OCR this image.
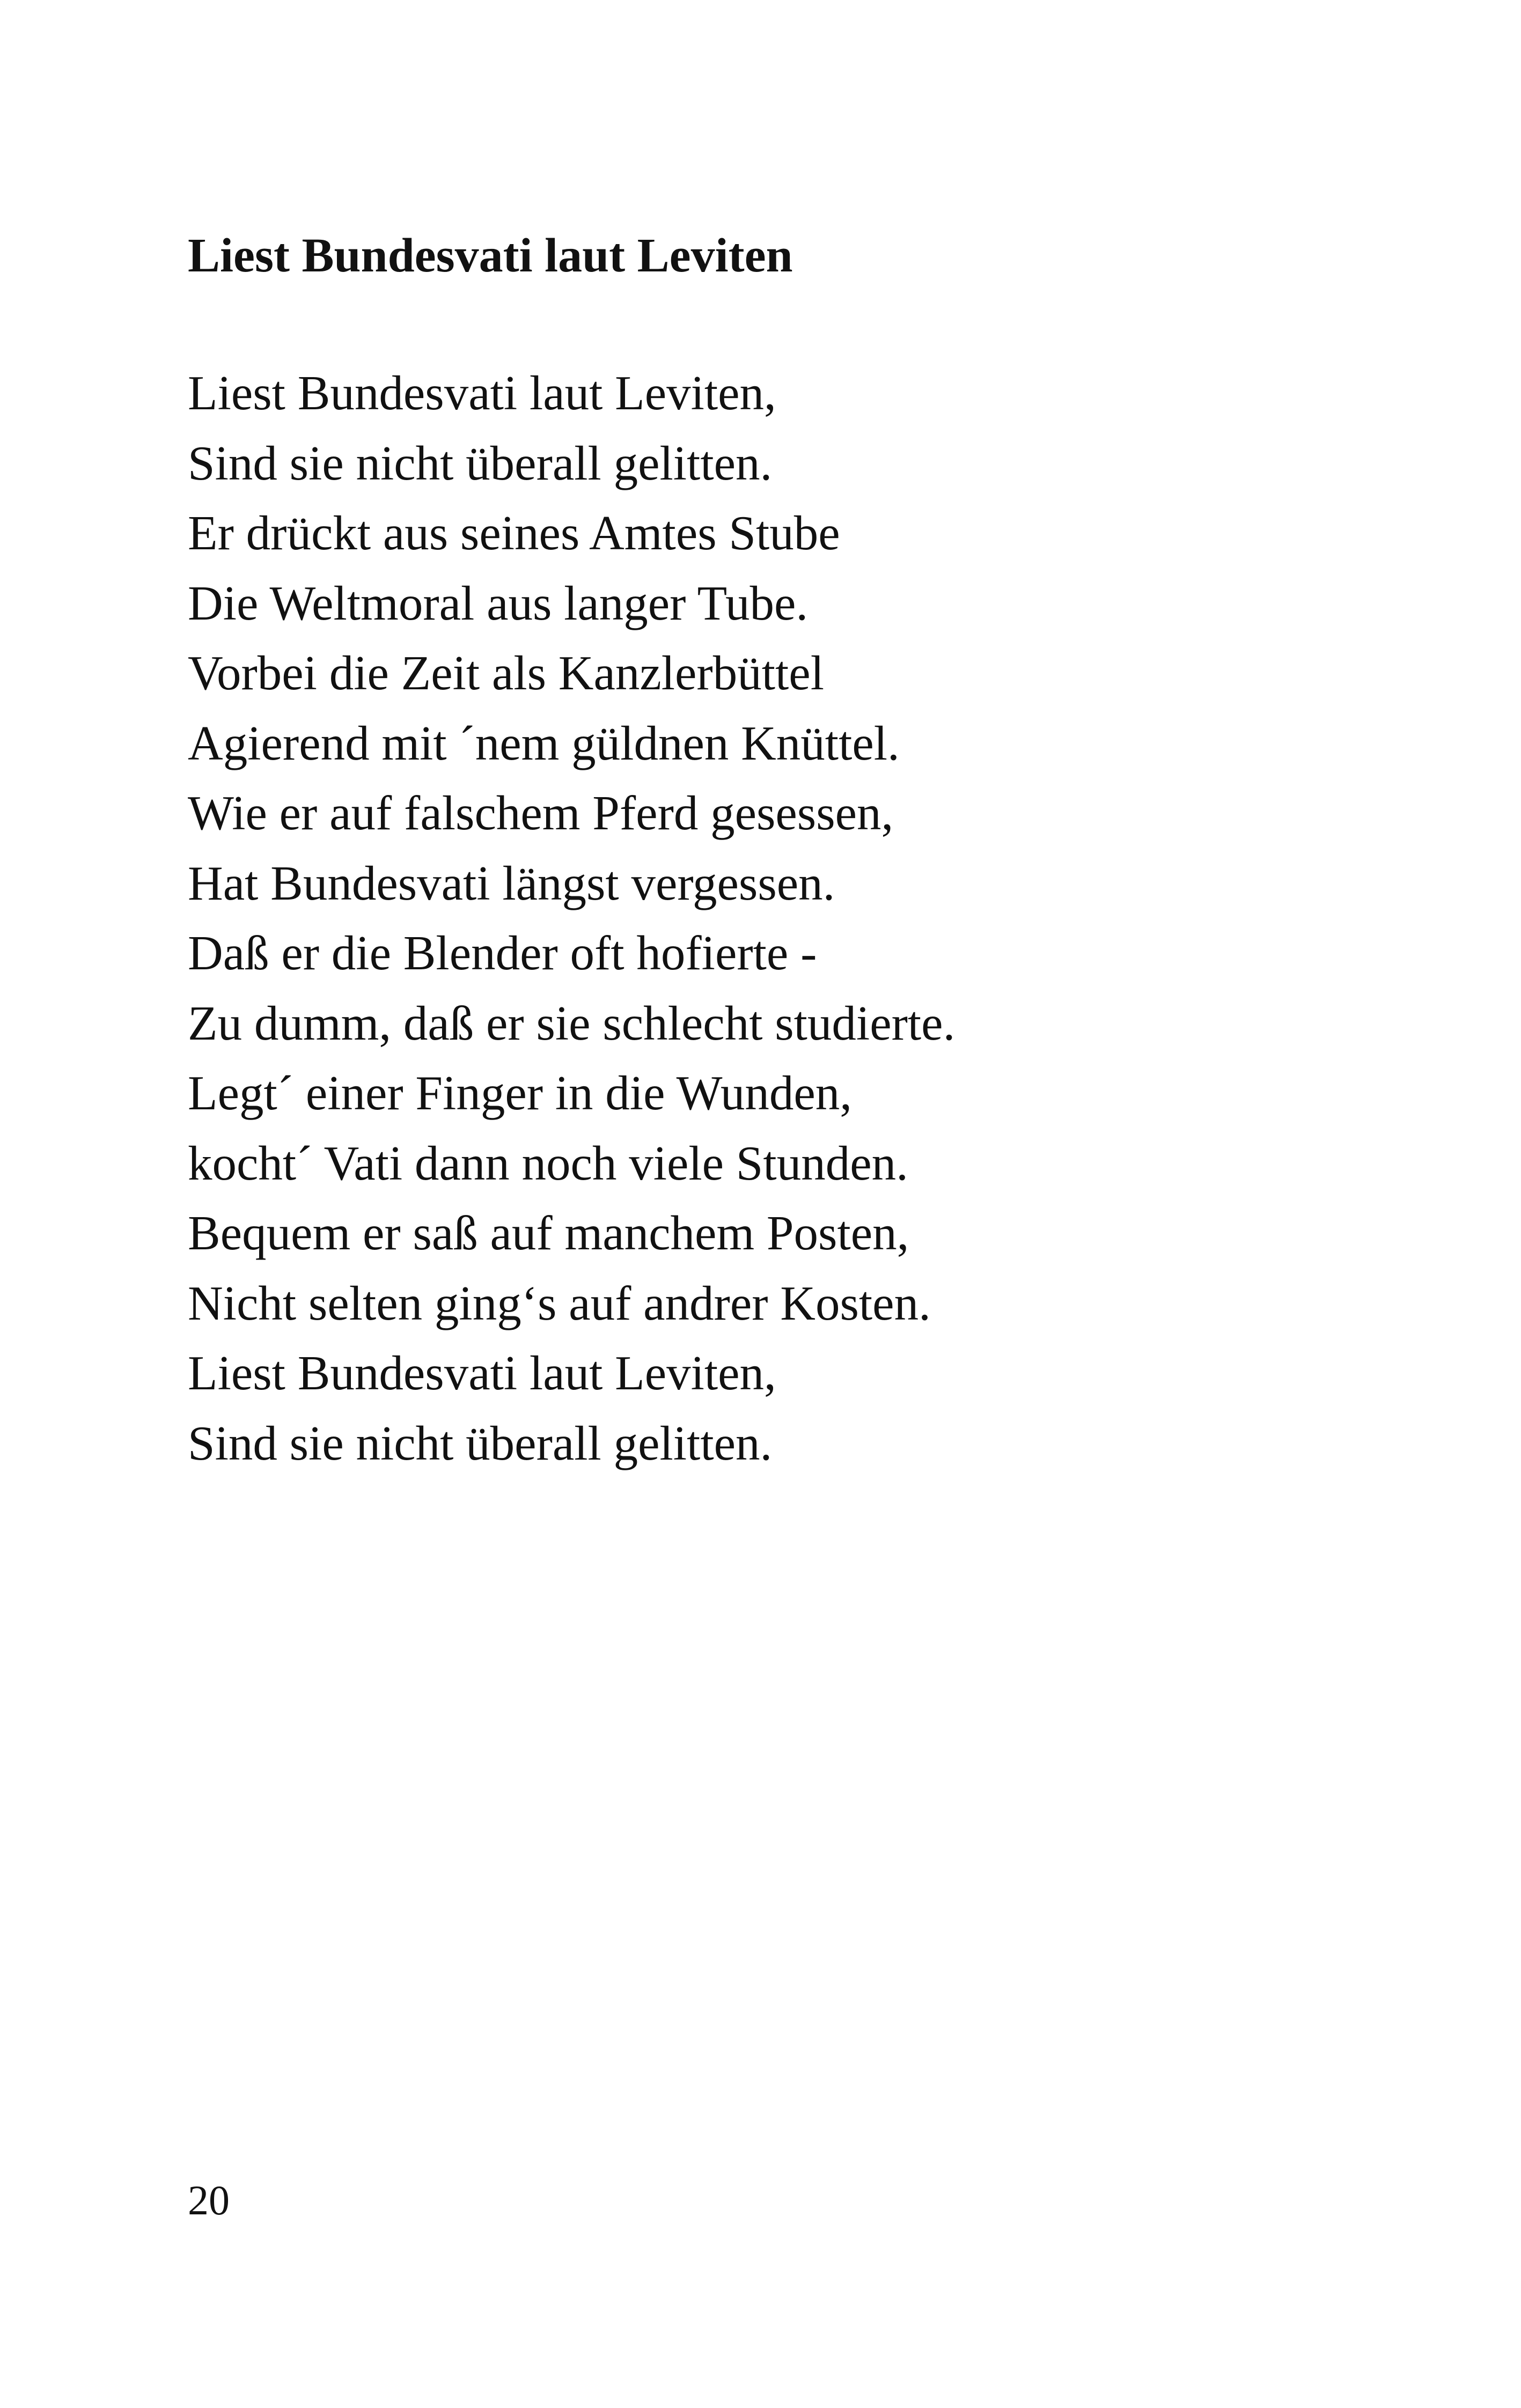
Liest Bundesvati laut Leviten
Liest Bundesvati laut Leviten,
Sind sie nicht überall gelitten.
Er drückt aus seines Amtes Stube
Die Weltmoral aus langer Tube.
Vorbei die Zeit als Kanzlerbüttel
Agierend mit ´nem güldnen Knüttel.
Wie er auf falschem Pferd gesessen,
Hat Bundesvati längst vergessen.
Daß er die Blender oft hofierte -
Zu dumm, daß er sie schlecht studierte.
Legt´ einer Finger in die Wunden,
kocht´ Vati dann noch viele Stunden.
Bequem er saß auf manchem Posten,
Nicht selten ging‘s auf andrer Kosten.
Liest Bundesvati laut Leviten,
Sind sie nicht überall gelitten.
20
